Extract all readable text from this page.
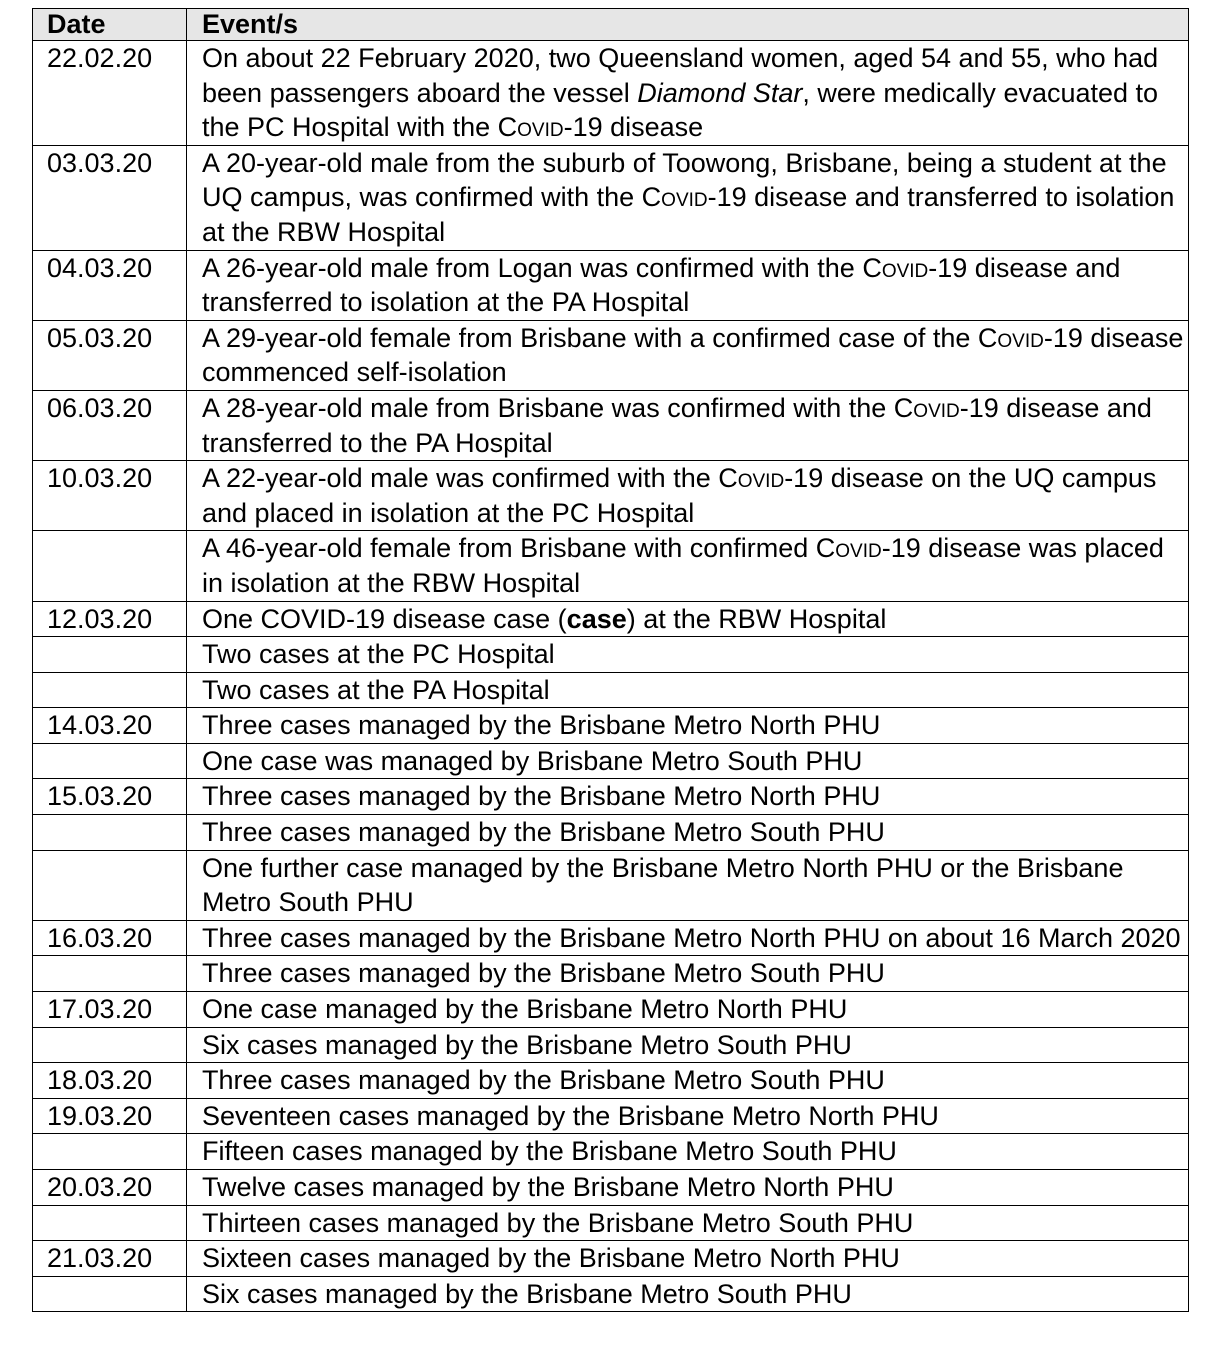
Date	Event/s
22.02.20	On about 22 February 2020, two Queensland women, aged 54 and 55, who had been passengers aboard the vessel Diamond Star, were medically evacuated to the PC Hospital with the Covid-19 disease
03.03.20	A 20-year-old male from the suburb of Toowong, Brisbane, being a student at the UQ campus, was confirmed with the Covid-19 disease and transferred to isolation at the RBW Hospital
04.03.20	A 26-year-old male from Logan was confirmed with the Covid-19 disease and transferred to isolation at the PA Hospital
05.03.20	A 29-year-old female from Brisbane with a confirmed case of the Covid-19 disease commenced self-isolation
06.03.20	A 28-year-old male from Brisbane was confirmed with the Covid-19 disease and transferred to the PA Hospital
10.03.20	A 22-year-old male was confirmed with the Covid-19 disease on the UQ campus and placed in isolation at the PC Hospital
	A 46-year-old female from Brisbane with confirmed Covid-19 disease was placed in isolation at the RBW Hospital
12.03.20	One COVID-19 disease case (case) at the RBW Hospital
	Two cases at the PC Hospital
	Two cases at the PA Hospital
14.03.20	Three cases managed by the Brisbane Metro North PHU
	One case was managed by Brisbane Metro South PHU
15.03.20	Three cases managed by the Brisbane Metro North PHU
	Three cases managed by the Brisbane Metro South PHU
	One further case managed by the Brisbane Metro North PHU or the Brisbane Metro South PHU
16.03.20	Three cases managed by the Brisbane Metro North PHU on about 16 March 2020
	Three cases managed by the Brisbane Metro South PHU
17.03.20	One case managed by the Brisbane Metro North PHU
	Six cases managed by the Brisbane Metro South PHU
18.03.20	Three cases managed by the Brisbane Metro South PHU
19.03.20	Seventeen cases managed by the Brisbane Metro North PHU
	Fifteen cases managed by the Brisbane Metro South PHU
20.03.20	Twelve cases managed by the Brisbane Metro North PHU
	Thirteen cases managed by the Brisbane Metro South PHU
21.03.20	Sixteen cases managed by the Brisbane Metro North PHU
	Six cases managed by the Brisbane Metro South PHU
